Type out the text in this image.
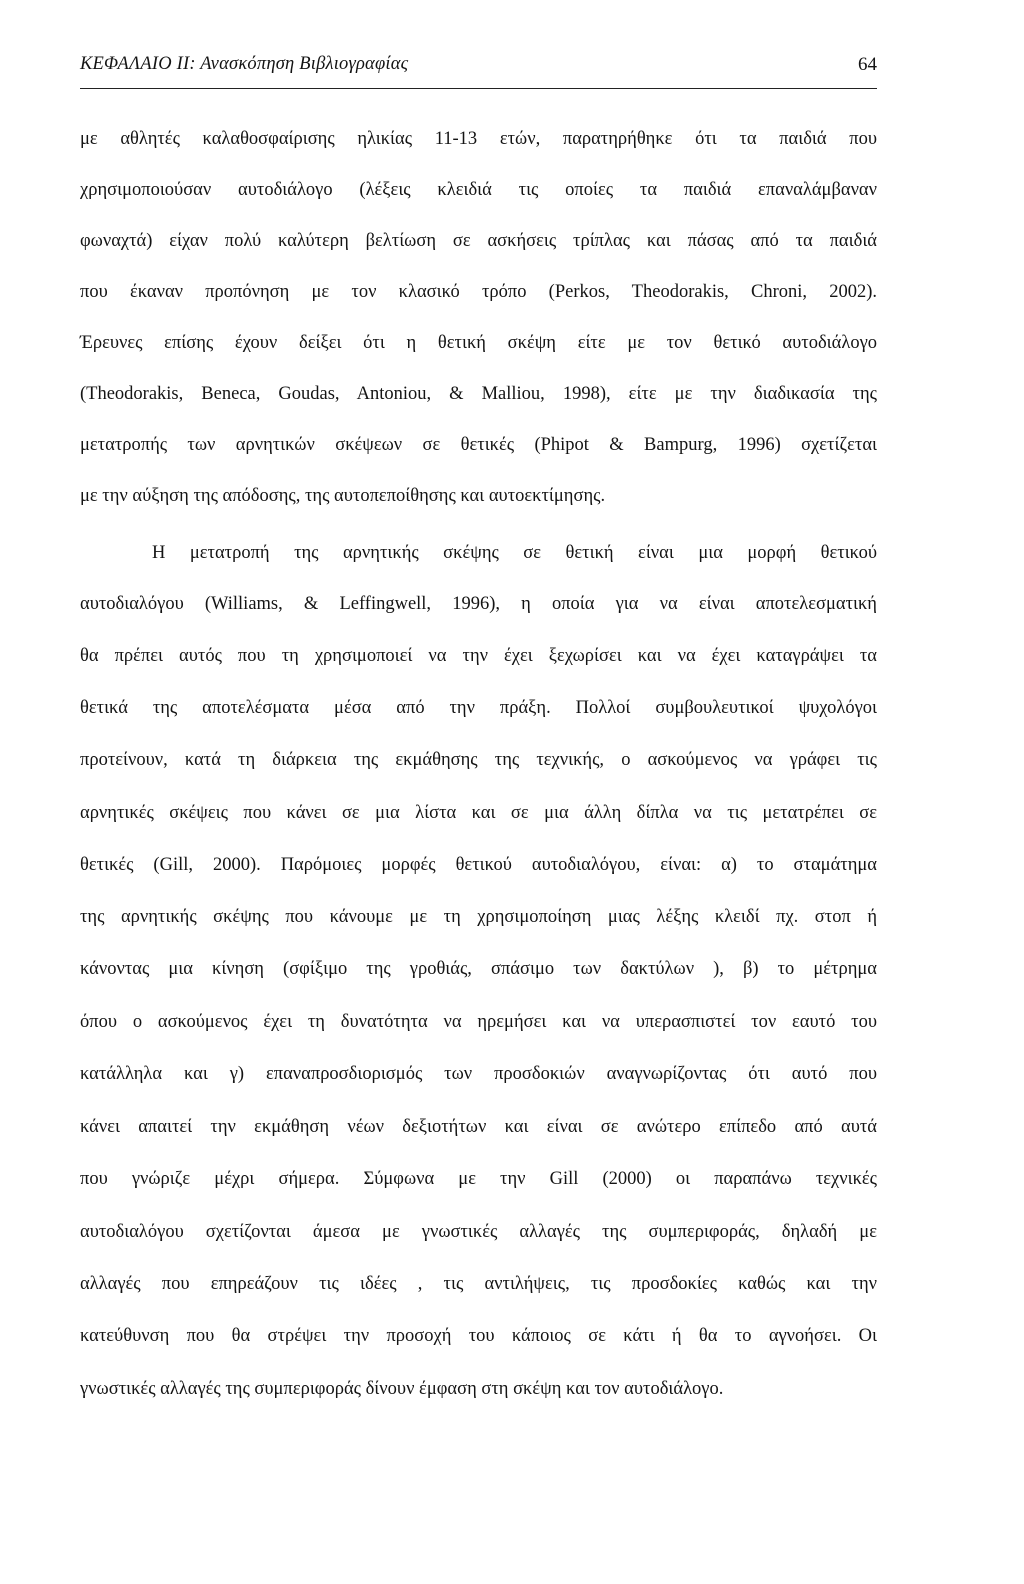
ΚΕΦΑΛΑΙΟ ΙΙ: Ανασκόπηση Βιβλιογραφίας	64
με αθλητές καλαθοσφαίρισης ηλικίας 11-13 ετών, παρατηρήθηκε ότι τα παιδιά που
χρησιμοποιούσαν αυτοδιάλογο (λέξεις κλειδιά τις οποίες τα παιδιά επαναλάμβαναν
φωναχτά) είχαν πολύ καλύτερη βελτίωση σε ασκήσεις τρίπλας και πάσας από τα παιδιά
που έκαναν προπόνηση με τον κλασικό τρόπο (Perkos, Theodorakis, Chroni, 2002).
Έρευνες επίσης έχουν δείξει ότι η θετική σκέψη είτε με τον θετικό αυτοδιάλογο
(Theodorakis, Beneca, Goudas, Antoniou, & Malliou, 1998), είτε με την διαδικασία της
μετατροπής των αρνητικών σκέψεων σε θετικές (Phipot & Bampurg, 1996) σχετίζεται
με την αύξηση της απόδοσης, της αυτοπεποίθησης και αυτοεκτίμησης.
Η μετατροπή της αρνητικής σκέψης σε θετική είναι μια μορφή θετικού
αυτοδιαλόγου (Williams, & Leffingwell, 1996), η οποία για να είναι αποτελεσματική
θα πρέπει αυτός που τη χρησιμοποιεί να την έχει ξεχωρίσει και να έχει καταγράψει τα
θετικά της αποτελέσματα μέσα από την πράξη. Πολλοί συμβουλευτικοί ψυχολόγοι
προτείνουν, κατά τη διάρκεια της εκμάθησης της τεχνικής, ο ασκούμενος να γράφει τις
αρνητικές σκέψεις που κάνει σε μια λίστα και σε μια άλλη δίπλα να τις μετατρέπει σε
θετικές (Gill, 2000). Παρόμοιες μορφές θετικού αυτοδιαλόγου, είναι: α) το σταμάτημα
της αρνητικής σκέψης που κάνουμε με τη χρησιμοποίηση μιας λέξης κλειδί πχ. στοπ ή
κάνοντας μια κίνηση (σφίξιμο της γροθιάς, σπάσιμο των δακτύλων ), β) το μέτρημα
όπου ο ασκούμενος έχει τη δυνατότητα να ηρεμήσει και να υπερασπιστεί τον εαυτό του
κατάλληλα και γ) επαναπροσδιορισμός των προσδοκιών αναγνωρίζοντας ότι αυτό που
κάνει απαιτεί την εκμάθηση νέων δεξιοτήτων και είναι σε ανώτερο επίπεδο από αυτά
που γνώριζε μέχρι σήμερα. Σύμφωνα με την Gill (2000) οι παραπάνω τεχνικές
αυτοδιαλόγου σχετίζονται άμεσα με γνωστικές αλλαγές της συμπεριφοράς, δηλαδή με
αλλαγές που επηρεάζουν τις ιδέες , τις αντιλήψεις, τις προσδοκίες καθώς και την
κατεύθυνση που θα στρέψει την προσοχή του κάποιος σε κάτι ή θα το αγνοήσει. Οι
γνωστικές αλλαγές της συμπεριφοράς δίνουν έμφαση στη σκέψη και τον αυτοδιάλογο.
